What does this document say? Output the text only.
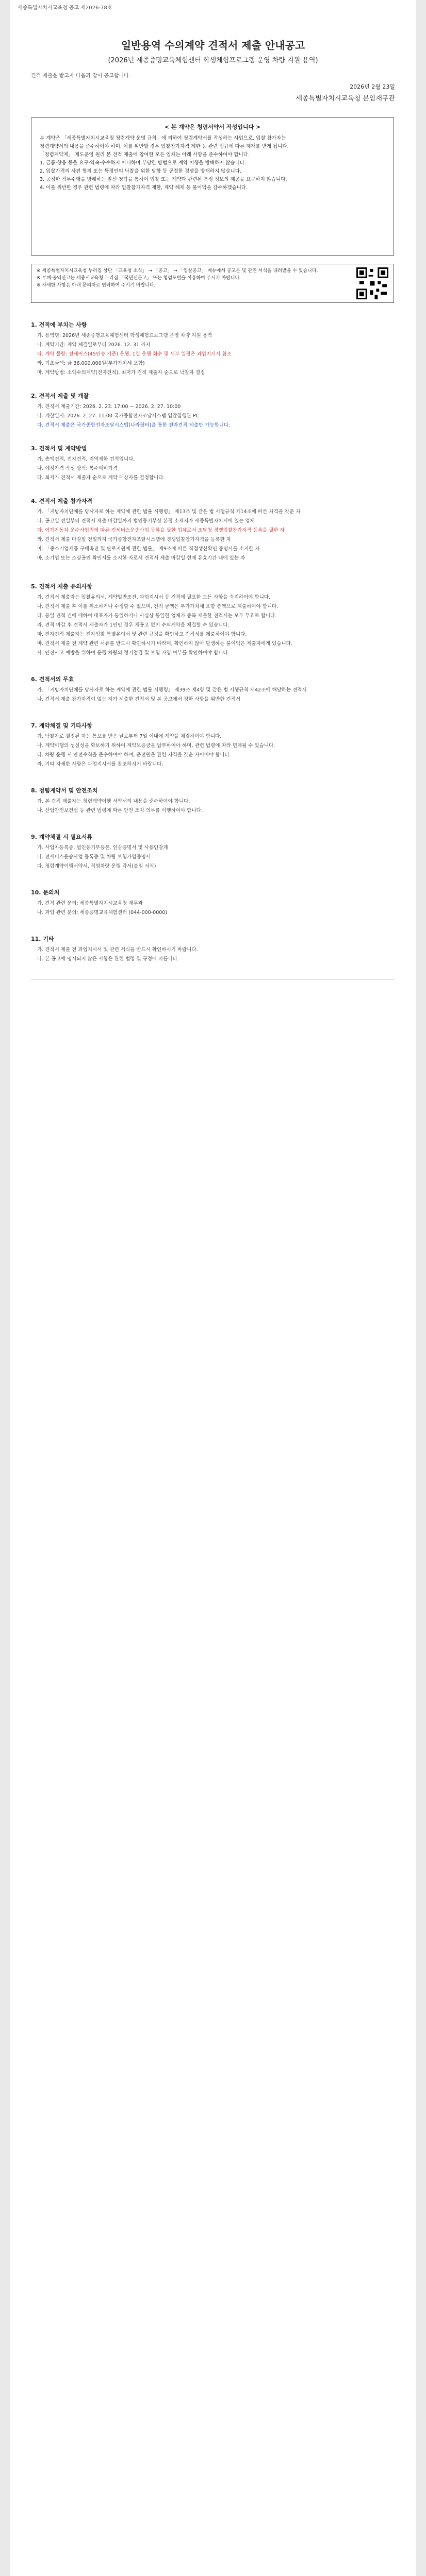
세종특별자치시교육청 공고 제2026-78호
일반용역 수의계약 견적서 제출 안내공고
(2026년 세종증명교육체험센터 학생체험프로그램 운영 차량 지원 용역)
견적 제출을 받고자 다음과 같이 공고합니다.
2026년 2월 23일
세종특별자치시교육청 분임재무관
< 본 계약은 청렴서약서 작성입니다 >
본 계약은 「세종특별자치시교육청 청렴계약 운영 규칙」에 의하여 청렴계약서를 작성하는 사업으로, 입찰 참가자는
청렴계약서의 내용을 준수하여야 하며, 이를 위반할 경우 입찰참가자격 제한 등 관련 법규에 따른 제재를 받게 됩니다.
「청렴계약제」 제도운영 원리 본 견적 제출에 참여한 모든 업체는 아래 사항을 준수하여야 합니다.
1. 금품·향응 등을 요구·약속·수수하지 아니하며 부당한 방법으로 계약 이행을 방해하지 않습니다.
2. 입찰가격의 사전 협의 또는 특정인의 낙찰을 위한 담합 등 공정한 경쟁을 방해하지 않습니다.
3. 공정한 직무수행을 방해하는 알선·청탁을 통하여 입찰 또는 계약과 관련된 특정 정보의 제공을 요구하지 않습니다.
4. 이를 위반한 경우 관련 법령에 따라 입찰참가자격 제한, 계약 해제 등 불이익을 감수하겠습니다.
※ 세종특별자치시교육청 누리집 상단 「교육청 소식」 → 「공고」 → 「입찰공고」 메뉴에서 공고문 및 관련 서식을 내려받을 수 있습니다.
※ 부패·공익신고는 세종시교육청 누리집 「국민신문고」 또는 청렴포털을 이용하여 주시기 바랍니다.
※ 자세한 사항은 아래 문의처로 연락하여 주시기 바랍니다.
1. 견적에 부치는 사항
가. 용역명: 2026년 세종증명교육체험센터 학생체험프로그램 운영 차량 지원 용역
나. 계약기간: 계약 체결일로부터 2026. 12. 31.까지
다. 계약 물량: 전세버스(45인승 기준) 운행, 1일 운행 회수 및 세부 일정은 과업지시서 참조
라. 기초금액: 금 36,000,000원(부가가치세 포함)
마. 계약방법: 소액수의계약(전자견적), 최저가 견적 제출자 순으로 낙찰자 결정
2. 견적서 제출 및 개찰
가. 견적서 제출기간: 2026. 2. 23. 17:00 ~ 2026. 2. 27. 10:00
나. 개찰일시: 2026. 2. 27. 11:00 국가종합전자조달시스템 입찰집행관 PC
다. 견적서 제출은 국가종합전자조달시스템(나라장터)을 통한 전자견적 제출만 가능합니다.
3. 견적서 및 계약방법
가. 총액견적, 전자견적, 지역제한 견적입니다.
나. 예정가격 작성 방식: 복수예비가격
다. 최저가 견적서 제출자 순으로 계약 대상자를 결정합니다.
4. 견적서 제출 참가자격
가. 「지방자치단체를 당사자로 하는 계약에 관한 법률 시행령」 제13조 및 같은 법 시행규칙 제14조에 따른 자격을 갖춘 자
나. 공고일 전일부터 견적서 제출 마감일까지 법인등기부상 본점 소재지가 세종특별자치시에 있는 업체
다. 여객자동차 운수사업법에 따른 전세버스운송사업 등록을 필한 업체로서 조달청 경쟁입찰참가자격 등록을 필한 자
라. 견적서 제출 마감일 전일까지 국가종합전자조달시스템에 경쟁입찰참가자격을 등록한 자
마. 「중소기업제품 구매촉진 및 판로지원에 관한 법률」 제9조에 따른 직접생산확인 증명서를 소지한 자
바. 소기업 또는 소상공인 확인서를 소지한 자로서 견적서 제출 마감일 현재 유효기간 내에 있는 자
5. 견적서 제출 유의사항
가. 견적서 제출자는 입찰유의서, 계약일반조건, 과업지시서 등 견적에 필요한 모든 사항을 숙지하여야 합니다.
나. 견적서 제출 후 이를 취소하거나 수정할 수 없으며, 견적 금액은 부가가치세 포함 총액으로 제출하여야 합니다.
다. 동일 견적 건에 대하여 대표자가 동일하거나 사실상 동일한 업체가 중복 제출한 견적서는 모두 무효로 합니다.
라. 견적 마감 후 견적서 제출자가 1인인 경우 재공고 없이 수의계약을 체결할 수 있습니다.
마. 전자견적 제출자는 전자입찰 특별유의서 및 관련 규정을 확인하고 견적서를 제출하여야 합니다.
바. 견적서 제출 전 계약 관련 서류를 반드시 확인하시기 바라며, 확인하지 않아 발생하는 불이익은 제출자에게 있습니다.
사. 안전사고 예방을 위하여 운행 차량의 정기점검 및 보험 가입 여부를 확인하여야 합니다.
6. 견적서의 무효
가. 「지방자치단체를 당사자로 하는 계약에 관한 법률 시행령」 제39조 제4항 및 같은 법 시행규칙 제42조에 해당하는 견적서
나. 견적서 제출 참가자격이 없는 자가 제출한 견적서 및 본 공고에서 정한 사항을 위반한 견적서
7. 계약체결 및 기타사항
가. 낙찰자로 결정된 자는 통보를 받은 날로부터 7일 이내에 계약을 체결하여야 합니다.
나. 계약이행의 성실성을 확보하기 위하여 계약보증금을 납부하여야 하며, 관련 법령에 따라 면제될 수 있습니다.
다. 차량 운행 시 안전수칙을 준수하여야 하며, 운전원은 관련 자격을 갖춘 자이어야 합니다.
라. 기타 자세한 사항은 과업지시서를 참조하시기 바랍니다.
8. 청렴계약서 및 안전조치
가. 본 견적 제출자는 청렴계약이행 서약서의 내용을 준수하여야 합니다.
나. 산업안전보건법 등 관련 법령에 따른 안전 조치 의무를 이행하여야 합니다.
9. 계약체결 시 필요서류
가. 사업자등록증, 법인등기부등본, 인감증명서 및 사용인감계
나. 전세버스운송사업 등록증 및 차량 보험가입증명서
다. 청렴계약이행서약서, 직영차량 운행 각서(붙임 서식)
10. 문의처
가. 견적 관련 문의: 세종특별자치시교육청 재무과
나. 과업 관련 문의: 세종증명교육체험센터 (044-000-0000)
11. 기타
가. 견적서 제출 전 과업지시서 및 관련 서식을 반드시 확인하시기 바랍니다.
나. 본 공고에 명시되지 않은 사항은 관련 법령 및 규정에 따릅니다.
